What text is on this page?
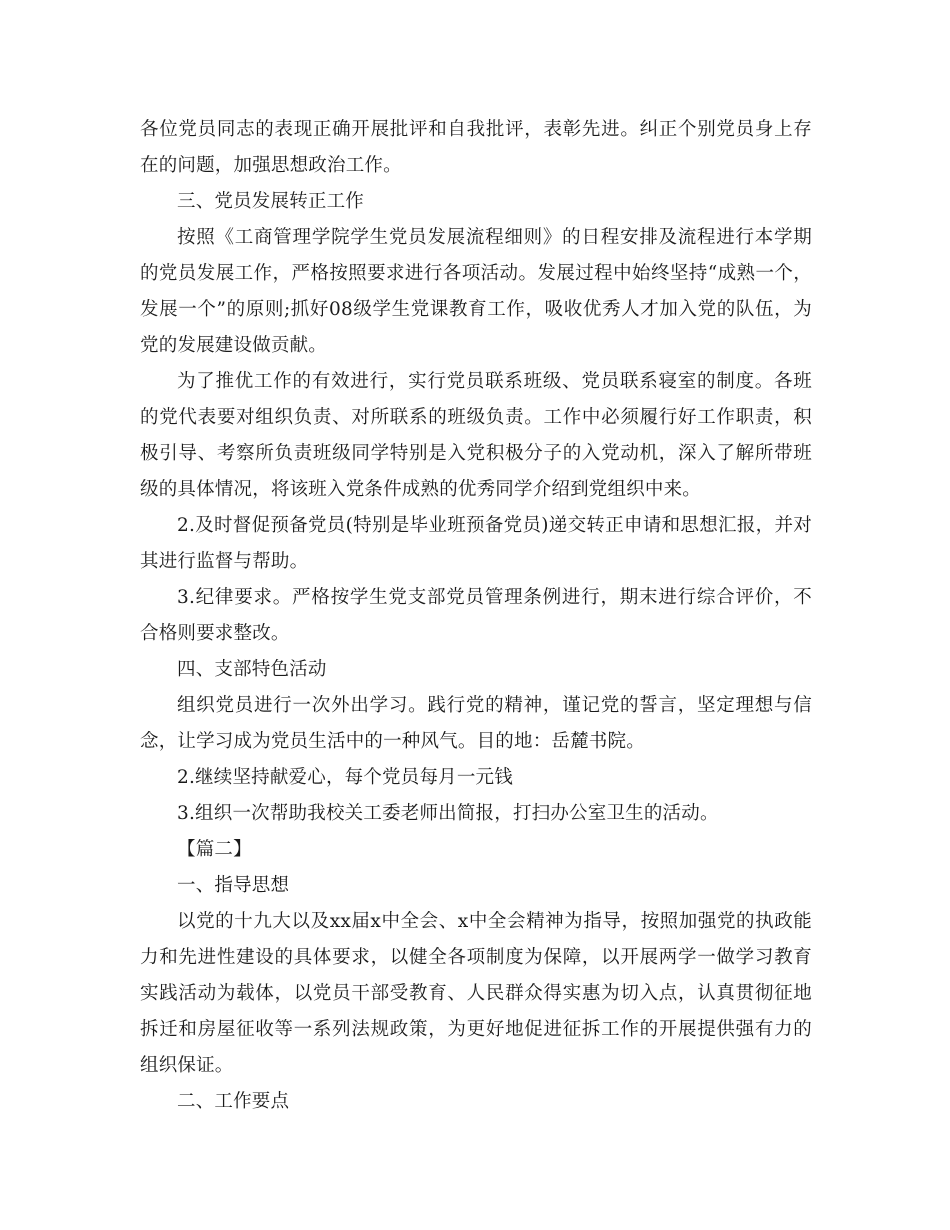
各位党员同志的表现正确开展批评和自我批评，表彰先进。纠正个别党员身上存在的问题，加强思想政治工作。

三、党员发展转正工作

按照《工商管理学院学生党员发展流程细则》的日程安排及流程进行本学期的党员发展工作，严格按照要求进行各项活动。发展过程中始终坚持“成熟一个，发展一个”的原则;抓好08级学生党课教育工作，吸收优秀人才加入党的队伍，为党的发展建设做贡献。

为了推优工作的有效进行，实行党员联系班级、党员联系寝室的制度。各班的党代表要对组织负责、对所联系的班级负责。工作中必须履行好工作职责，积极引导、考察所负责班级同学特别是入党积极分子的入党动机，深入了解所带班级的具体情况，将该班入党条件成熟的优秀同学介绍到党组织中来。

2.及时督促预备党员(特别是毕业班预备党员)递交转正申请和思想汇报，并对其进行监督与帮助。

3.纪律要求。严格按学生党支部党员管理条例进行，期末进行综合评价，不合格则要求整改。

四、支部特色活动

组织党员进行一次外出学习。践行党的精神，谨记党的誓言，坚定理想与信念，让学习成为党员生活中的一种风气。目的地：岳麓书院。

2.继续坚持献爱心，每个党员每月一元钱

3.组织一次帮助我校关工委老师出简报，打扫办公室卫生的活动。

【篇二】

一、指导思想

以党的十九大以及xx届x中全会、x中全会精神为指导，按照加强党的执政能力和先进性建设的具体要求，以健全各项制度为保障，以开展两学一做学习教育实践活动为载体，以党员干部受教育、人民群众得实惠为切入点，认真贯彻征地拆迁和房屋征收等一系列法规政策，为更好地促进征拆工作的开展提供强有力的组织保证。

二、工作要点
